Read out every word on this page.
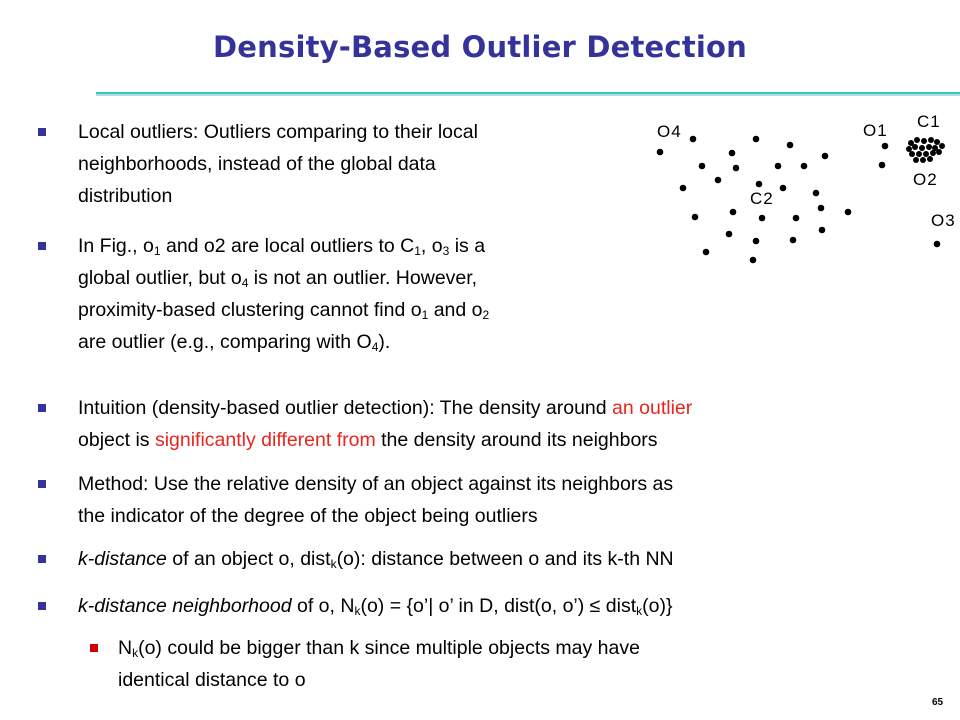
Density-Based Outlier Detection
Local outliers: Outliers comparing to their local
neighborhoods, instead of the global data
distribution
In Fig., $o_1$ and o2 are local outliers to $C_1$, $o_3$ is a
global outlier, but $o_4$ is not an outlier. However,
proximity-based clustering cannot find $o_1$ and $o_2$
are outlier (e.g., comparing with $O_4$).
Intuition (density-based outlier detection): The density around an outlier
object is significantly different from the density around its neighbors
Method: Use the relative density of an object against its neighbors as
the indicator of the degree of the object being outliers
k-distance of an object o, dist$_k$(o): distance between o and its k-th NN
k-distance neighborhood of o, $N_k(o)$ = {o’| o’ in D, dist(o, o’) ≤ dist$_k$(o)}
$N_k(o)$ could be bigger than k since multiple objects may have
identical distance to o
O4	O1 C1
C2
O2
O3
65
